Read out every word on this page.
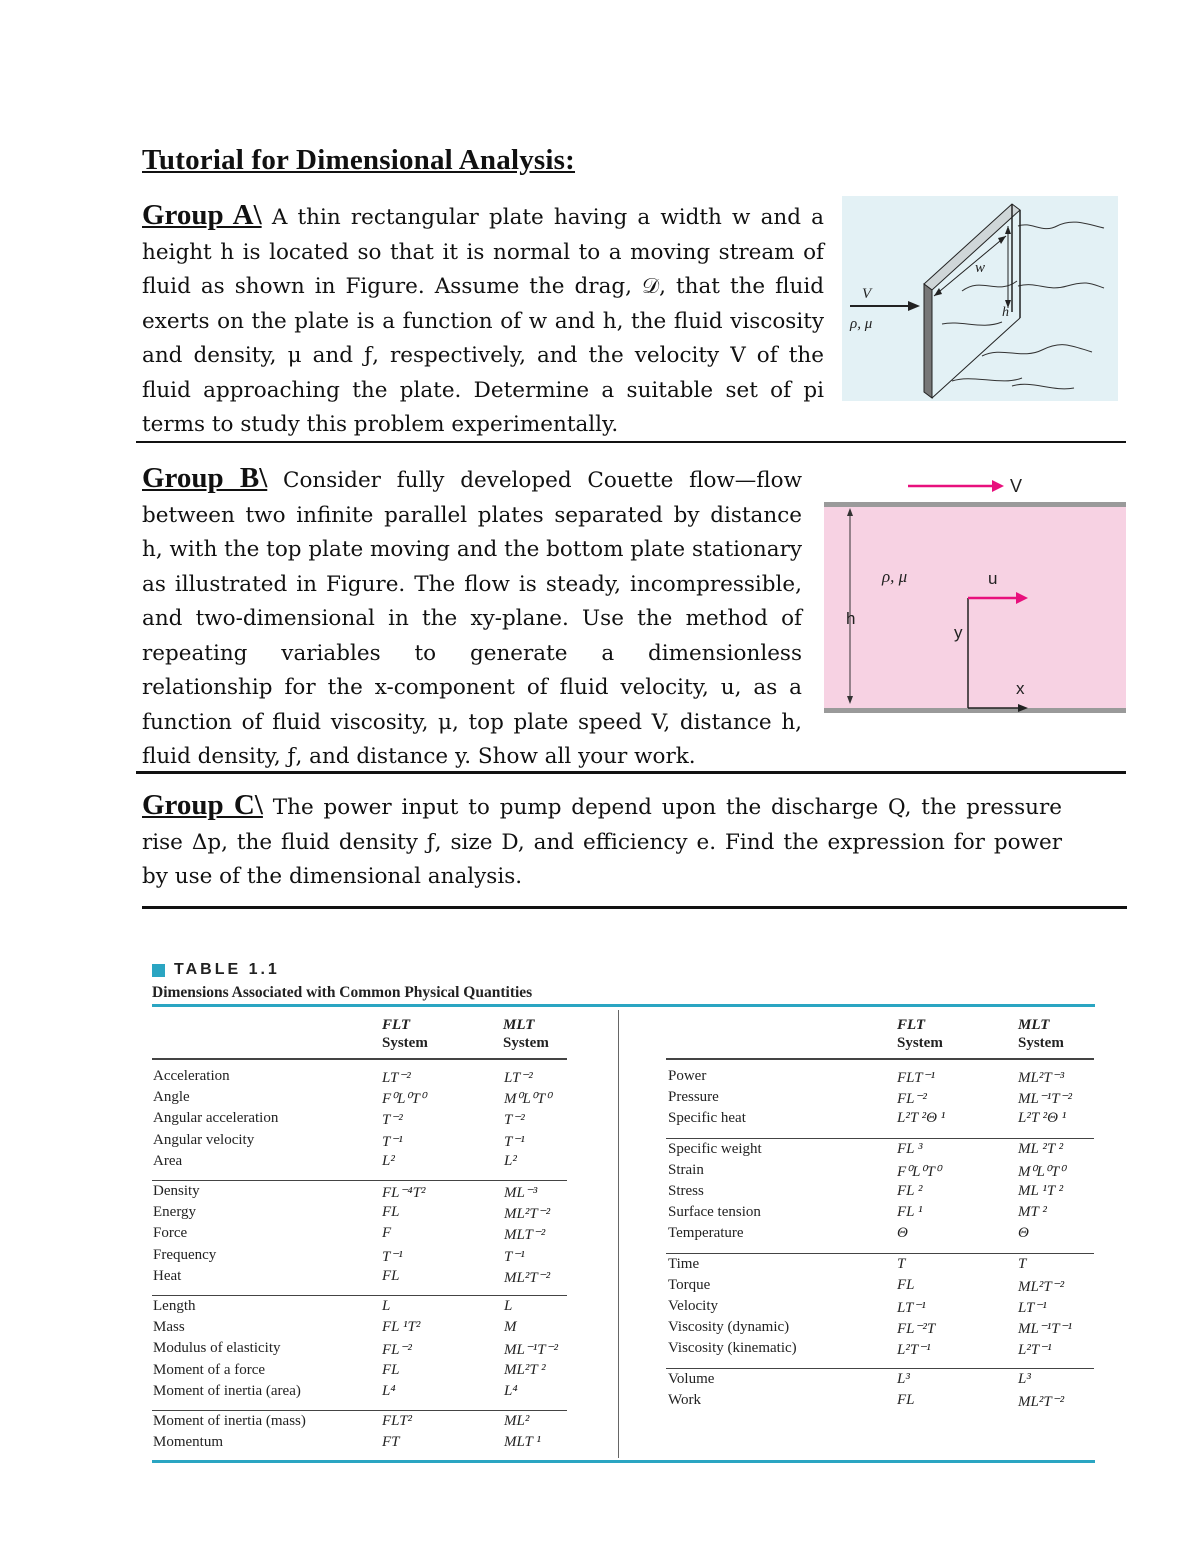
Tutorial for Dimensional Analysis:
Group A\ A thin rectangular plate having a width w and a height h is located so that it is normal to a moving stream of fluid as shown in Figure. Assume the drag, 𝒟, that the fluid exerts on the plate is a function of w and h, the fluid viscosity and density, μ and ƒ, respectively, and the velocity V of the fluid approaching the plate. Determine a suitable set of pi terms to study this problem experimentally.
w
h
V
ρ, μ
Group B\ Consider fully developed Couette flow—flow between two infinite parallel plates separated by distance h, with the top plate moving and the bottom plate stationary as illustrated in Figure. The flow is steady, incompressible, and two-dimensional in the xy-plane. Use the method of repeating variables to generate a dimensionless relationship for the x-component of fluid velocity, u, as a function of fluid viscosity, μ, top plate speed V, distance h, fluid density, ƒ, and distance y. Show all your work.
V
h
ρ, μ	u
y
x
Group C\ The power input to pump depend upon the discharge Q, the pressure rise Δp, the fluid density ƒ, size D, and efficiency e. Find the expression for power by use of the dimensional analysis.
TABLE 1.1
Dimensions Associated with Common Physical Quantities
FLT
System
MLT
System
FLT
System
MLT
System
Acceleration	LT⁻²	LT⁻²
Angle	F⁰L⁰T⁰	M⁰L⁰T⁰
Angular acceleration	T⁻²	T⁻²
Angular velocity	T⁻¹	T⁻¹
Area	L²	L²
Density	FL⁻⁴T²	ML⁻³
Energy	FL	ML²T⁻²
Force	F	MLT⁻²
Frequency	T⁻¹	T⁻¹
Heat	FL	ML²T⁻²
Length	L	L
Mass	FL ¹T²	M
Modulus of elasticity	FL⁻²	ML⁻¹T⁻²
Moment of a force	FL	ML²T ²
Moment of inertia (area)	L⁴	L⁴
Moment of inertia (mass)	FLT²	ML²
Momentum	FT	MLT ¹
Power	FLT⁻¹	ML²T⁻³
Pressure	FL⁻²	ML⁻¹T⁻²
Specific heat	L²T ²Θ ¹	L²T ²Θ ¹
Specific weight	FL ³	ML ²T ²
Strain	F⁰L⁰T⁰	M⁰L⁰T⁰
Stress	FL ²	ML ¹T ²
Surface tension	FL ¹	MT ²
Temperature	Θ	Θ
Time	T	T
Torque	FL	ML²T⁻²
Velocity	LT⁻¹	LT⁻¹
Viscosity (dynamic)	FL⁻²T	ML⁻¹T⁻¹
Viscosity (kinematic)	L²T⁻¹	L²T⁻¹
Volume	L³	L³
Work	FL	ML²T⁻²
